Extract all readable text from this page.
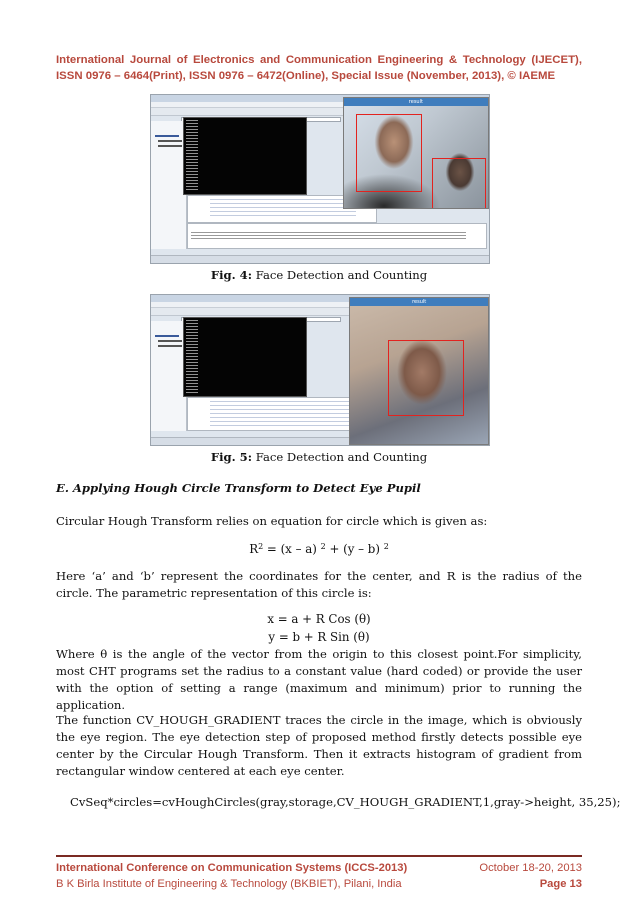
International Journal of Electronics and Communication Engineering & Technology (IJECET),
ISSN 0976 – 6464(Print), ISSN 0976 – 6472(Online), Special Issue (November, 2013), © IAEME
result
Fig. 4: Face Detection and Counting
result
Fig. 5: Face Detection and Counting
E. Applying Hough Circle Transform to Detect Eye Pupil
Circular Hough Transform relies on equation for circle which is given as:
$R^2 = (x - a) ^2 + (y - b)$ $^2$
Here ‘a’ and ‘b’ represent the coordinates for the center, and R is the radius of the circle. The parametric representation of this circle is:
x = a + R Cos (θ)
y = b + R Sin (θ)
Where θ is the angle of the vector from the origin to this closest point.For simplicity, most CHT programs set the radius to a constant value (hard coded) or provide the user with the option of setting a range (maximum and minimum) prior to running the application.
The function CV_HOUGH_GRADIENT traces the circle in the image, which is obviously the eye region. The eye detection step of proposed method firstly detects possible eye center by the Circular Hough Transform. Then it extracts histogram of gradient from rectangular window centered at each eye center.
CvSeq*circles=cvHoughCircles(gray,storage,CV_HOUGH_GRADIENT,1,gray->height, 35,25);
International Conference on Communication Systems (ICCS-2013)	October 18-20, 2013
B K Birla Institute of Engineering & Technology (BKBIET), Pilani, India	Page 13
